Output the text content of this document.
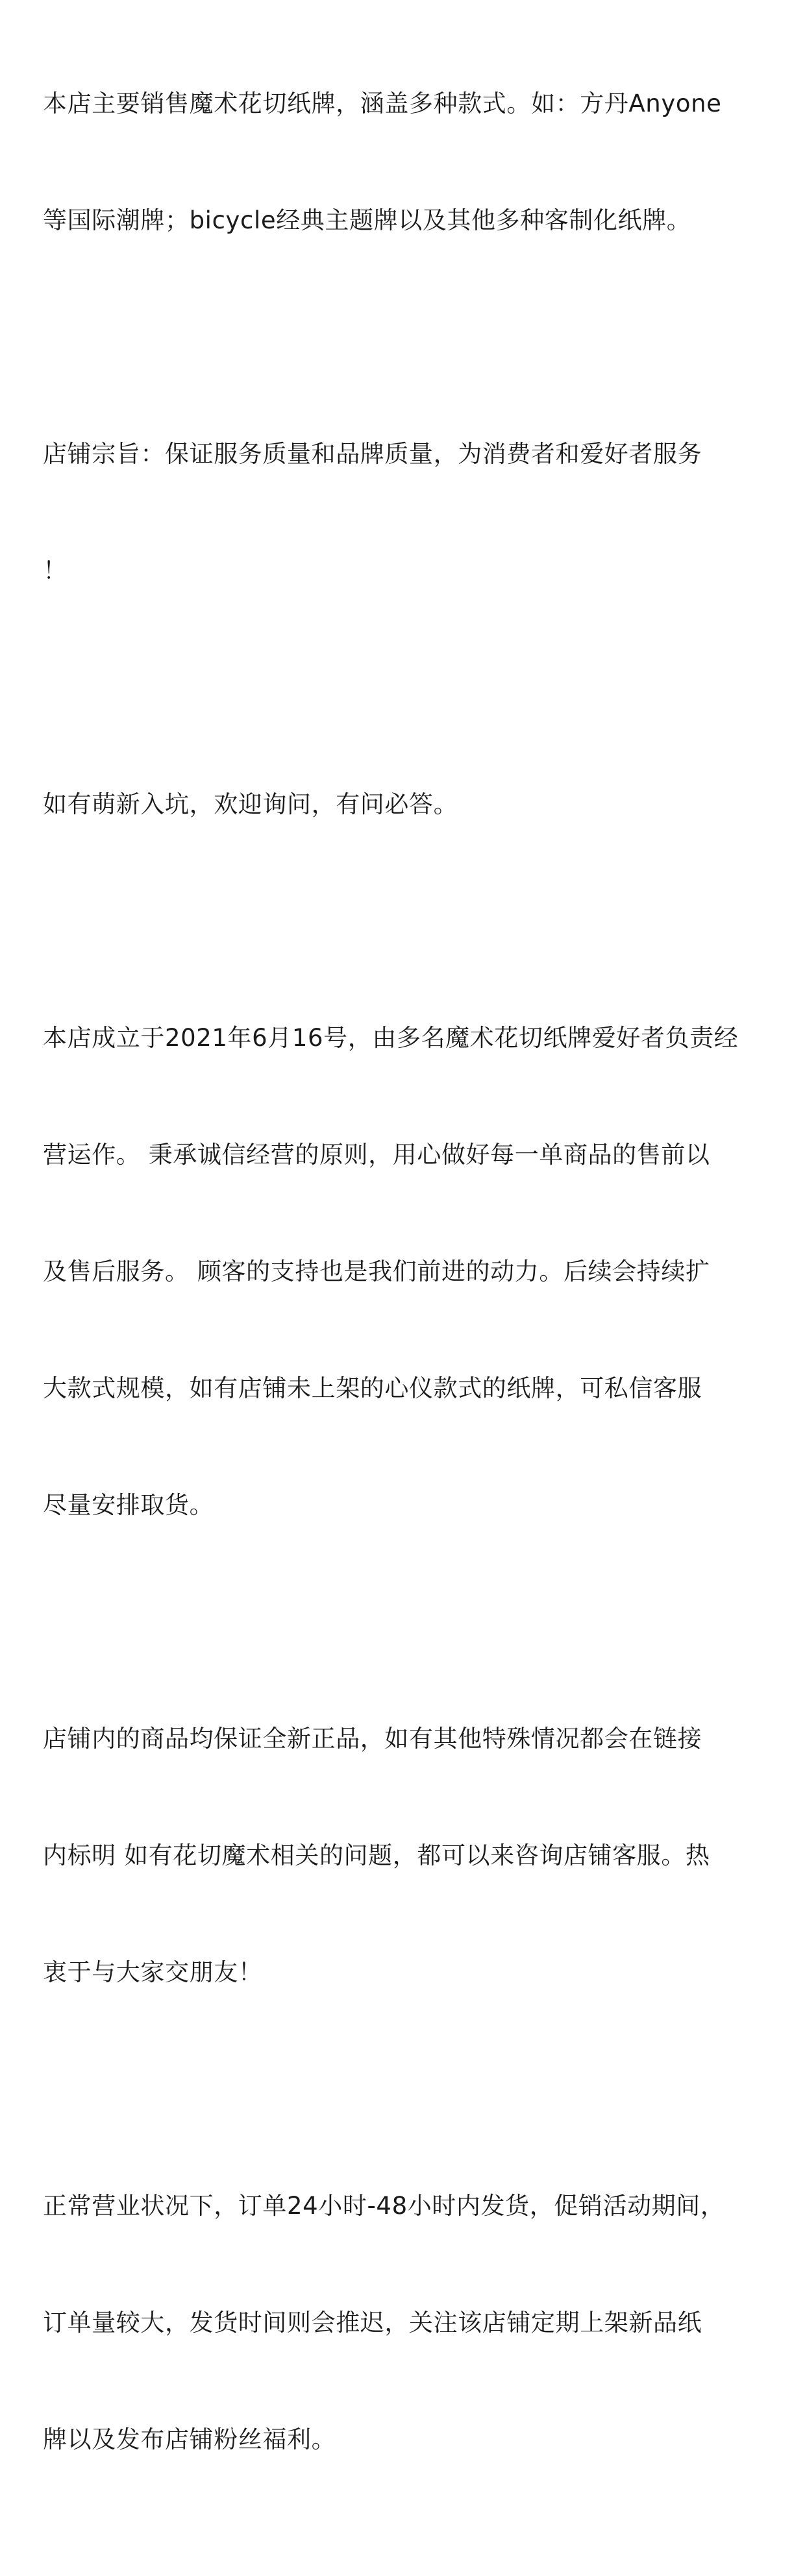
本店主要销售魔术花切纸牌，涵盖多种款式。如：方丹Anyone

等国际潮牌；bicycle经典主题牌以及其他多种客制化纸牌。

店铺宗旨：保证服务质量和品牌质量，为消费者和爱好者服务

！

如有萌新入坑，欢迎询问，有问必答。

本店成立于2021年6月16号，由多名魔术花切纸牌爱好者负责经

营运作。 秉承诚信经营的原则，用心做好每一单商品的售前以

及售后服务。 顾客的支持也是我们前进的动力。后续会持续扩

大款式规模，如有店铺未上架的心仪款式的纸牌，可私信客服

尽量安排取货。

店铺内的商品均保证全新正品，如有其他特殊情况都会在链接

内标明 如有花切魔术相关的问题，都可以来咨询店铺客服。热

衷于与大家交朋友！

正常营业状况下，订单24小时-48小时内发货，促销活动期间，

订单量较大，发货时间则会推迟，关注该店铺定期上架新品纸

牌以及发布店铺粉丝福利。
